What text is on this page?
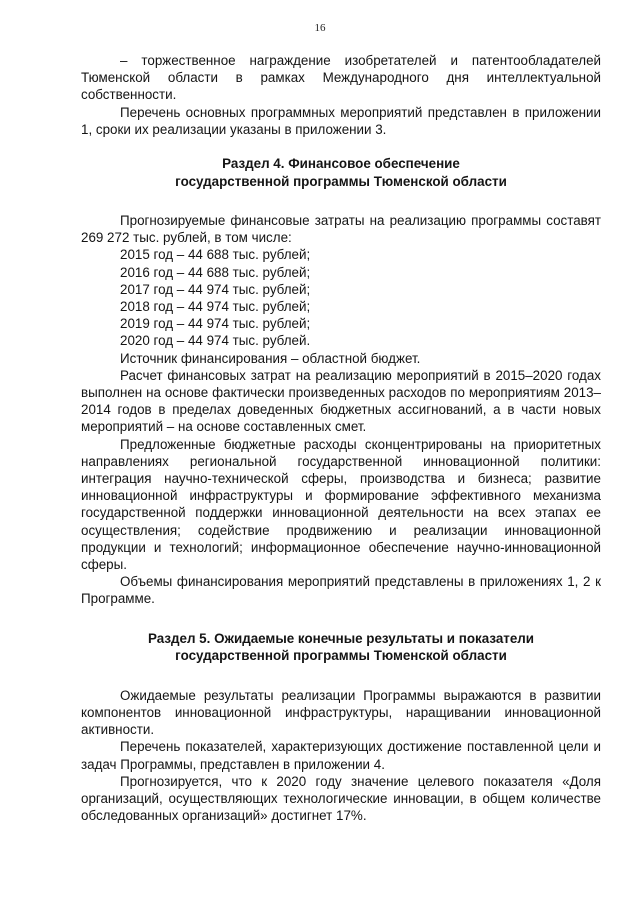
16

– торжественное награждение изобретателей и патентообладателей Тюменской области в рамках Международного дня интеллектуальной собственности.

Перечень основных программных мероприятий представлен в приложении 1, сроки их реализации указаны в приложении 3.

Раздел 4. Финансовое обеспечение

государственной программы Тюменской области

Прогнозируемые финансовые затраты на реализацию программы составят 269 272 тыс. рублей, в том числе:

2015 год – 44 688 тыс. рублей;

2016 год – 44 688 тыс. рублей;

2017 год – 44 974 тыс. рублей;

2018 год – 44 974 тыс. рублей;

2019 год – 44 974 тыс. рублей;

2020 год – 44 974 тыс. рублей.

Источник финансирования – областной бюджет.

Расчет финансовых затрат на реализацию мероприятий в 2015–2020 годах выполнен на основе фактически произведенных расходов по мероприятиям 2013–2014 годов в пределах доведенных бюджетных ассигнований, а в части новых мероприятий – на основе составленных смет.

Предложенные бюджетные расходы сконцентрированы на приоритетных направлениях региональной государственной инновационной политики: интеграция научно-технической сферы, производства и бизнеса; развитие инновационной инфраструктуры и формирование эффективного механизма государственной поддержки инновационной деятельности на всех этапах ее осуществления; содействие продвижению и реализации инновационной продукции и технологий; информационное обеспечение научно-инновационной сферы.

Объемы финансирования мероприятий представлены в приложениях 1, 2 к Программе.

Раздел 5. Ожидаемые конечные результаты и показатели

государственной программы Тюменской области

Ожидаемые результаты реализации Программы выражаются в развитии компонентов инновационной инфраструктуры, наращивании инновационной активности.

Перечень показателей, характеризующих достижение поставленной цели и задач Программы, представлен в приложении 4.

Прогнозируется, что к 2020 году значение целевого показателя «Доля организаций, осуществляющих технологические инновации, в общем количестве обследованных организаций» достигнет 17%.
